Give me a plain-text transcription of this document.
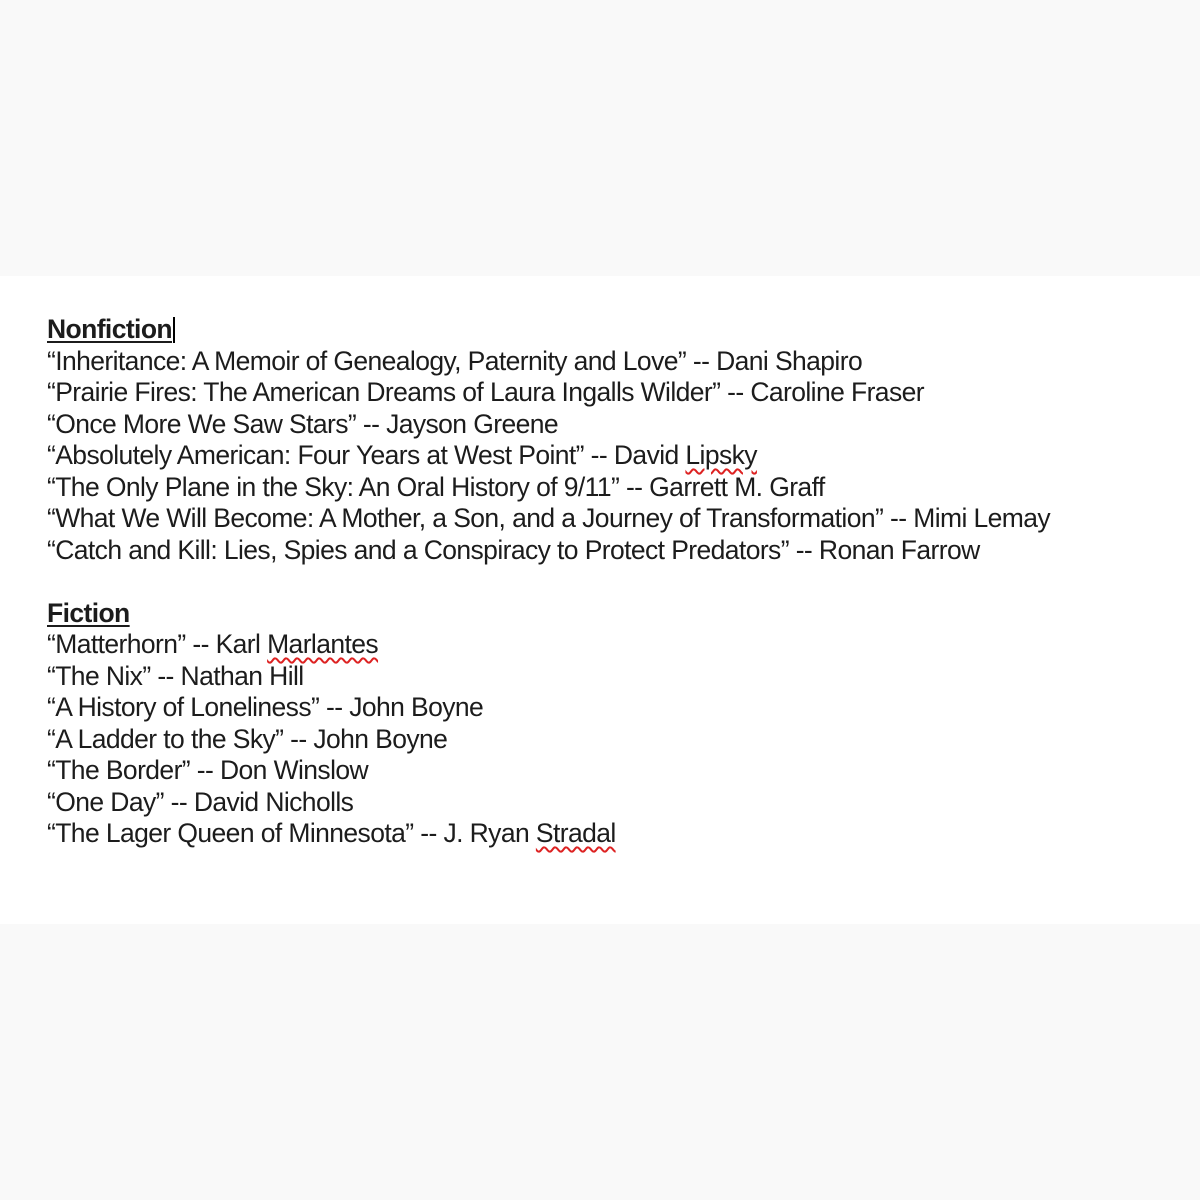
Nonfiction
“Inheritance: A Memoir of Genealogy, Paternity and Love” -- Dani Shapiro
“Prairie Fires: The American Dreams of Laura Ingalls Wilder” -- Caroline Fraser
“Once More We Saw Stars” -- Jayson Greene
“Absolutely American: Four Years at West Point” -- David Lipsky
“The Only Plane in the Sky: An Oral History of 9/11” -- Garrett M. Graff
“What We Will Become: A Mother, a Son, and a Journey of Transformation” -- Mimi Lemay
“Catch and Kill: Lies, Spies and a Conspiracy to Protect Predators” -- Ronan Farrow
Fiction
“Matterhorn” -- Karl Marlantes
“The Nix” -- Nathan Hill
“A History of Loneliness” -- John Boyne
“A Ladder to the Sky” -- John Boyne
“The Border” -- Don Winslow
“One Day” -- David Nicholls
“The Lager Queen of Minnesota” -- J. Ryan Stradal
